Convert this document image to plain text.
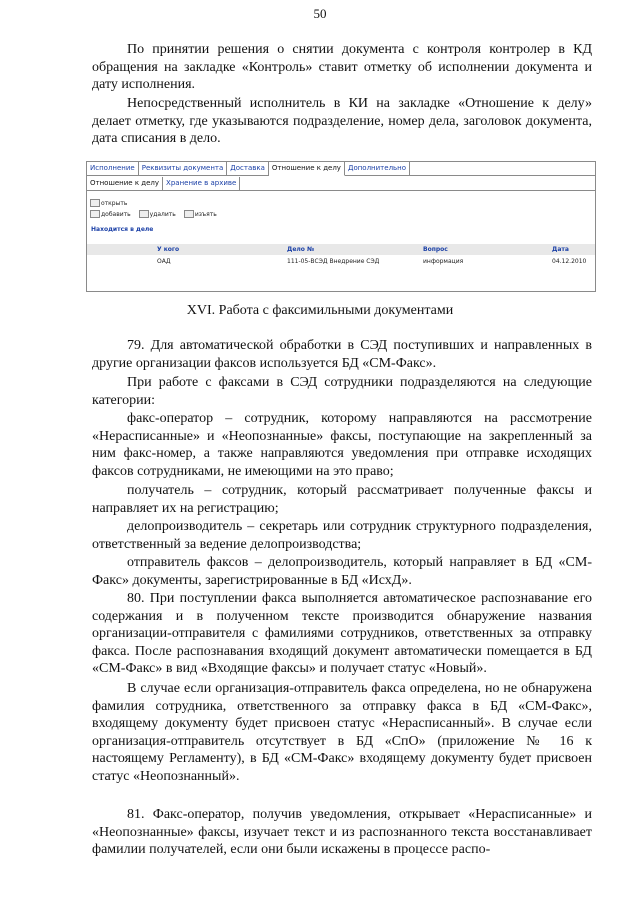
50

По принятии решения о снятии документа с контроля контролер в КД обращения на закладке «Контроль» ставит отметку об исполнении документа и дату исполнения.

Непосредственный исполнитель в КИ на закладке «Отношение к делу» делает отметку, где указываются подразделение, номер дела, заголовок документа, дата списания в дело.

Исполнение	Реквизиты документа	Доставка	Отношение к делу	Дополнительно
Отношение к делу	Хранение в архиве
открыть
добавить	удалить	изъять
Находится в деле
У кого	Дело №	Вопрос	Дата
ОАД	111-05-ВСЭД Внедрение СЭД	информация	04.12.2010
XVI. Работа с факсимильными документами

79. Для автоматической обработки в СЭД поступивших и направленных в другие организации факсов используется БД «СМ-Факс».

При работе с факсами в СЭД сотрудники подразделяются на следующие категории:

факс-оператор – сотрудник, которому направляются на рассмотрение «Нерасписанные» и «Неопознанные» факсы, поступающие на закрепленный за ним факс-номер, а также направляются уведомления при отправке исходящих факсов сотрудниками, не имеющими на это право;

получатель – сотрудник, который рассматривает полученные факсы и направляет их на регистрацию;

делопроизводитель – секретарь или сотрудник структурного подразделения, ответственный за ведение делопроизводства;

отправитель факсов – делопроизводитель, который направляет в БД «СМ-Факс» документы, зарегистрированные в БД «ИсхД».

80. При поступлении факса выполняется автоматическое распознавание его содержания и в полученном тексте производится обнаружение названия организации-отправителя с фамилиями сотрудников, ответственных за отправку факса. После распознавания входящий документ автоматически помещается в БД «СМ-Факс» в вид «Входящие факсы» и получает статус «Новый».

В случае если организация-отправитель факса определена, но не обнаружена фамилия сотрудника, ответственного за отправку факса в БД «СМ-Факс», входящему документу будет присвоен статус «Нерасписанный». В случае если организация-отправитель отсутствует в БД «СпО» (приложение № 16 к настоящему Регламенту), в БД «СМ-Факс» входящему документу будет присвоен статус «Неопознанный».

81. Факс-оператор, получив уведомления, открывает «Нерасписанные» и «Неопознанные» факсы, изучает текст и из распознанного текста восстанавливает фамилии получателей, если они были искажены в процессе распо-
